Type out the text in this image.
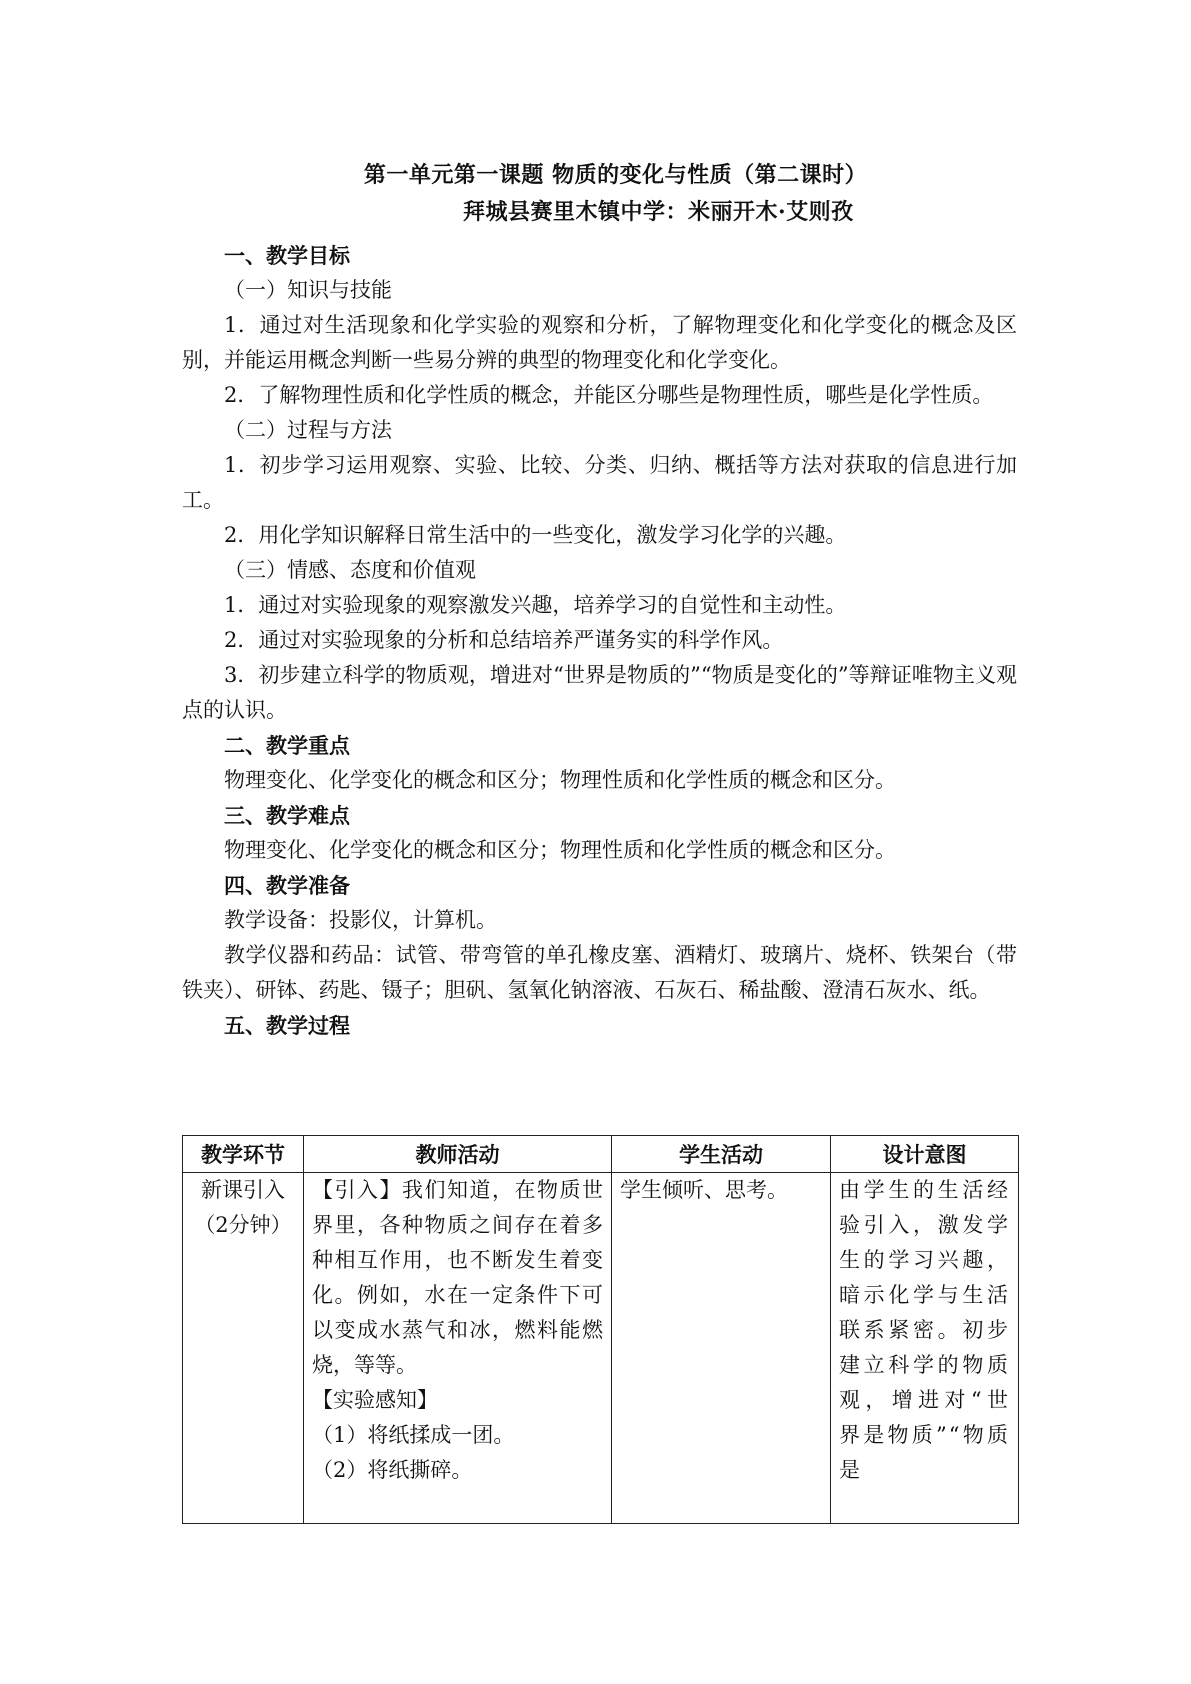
第一单元第一课题 物质的变化与性质（第二课时）
拜城县赛里木镇中学：米丽开木·艾则孜

一、教学目标

（一）知识与技能

1．通过对生活现象和化学实验的观察和分析，了解物理变化和化学变化的概念及区别，并能运用概念判断一些易分辨的典型的物理变化和化学变化。

2．了解物理性质和化学性质的概念，并能区分哪些是物理性质，哪些是化学性质。

（二）过程与方法

1．初步学习运用观察、实验、比较、分类、归纳、概括等方法对获取的信息进行加工。

2．用化学知识解释日常生活中的一些变化，激发学习化学的兴趣。

（三）情感、态度和价值观

1．通过对实验现象的观察激发兴趣，培养学习的自觉性和主动性。

2．通过对实验现象的分析和总结培养严谨务实的科学作风。

3．初步建立科学的物质观，增进对“世界是物质的”“物质是变化的”等辩证唯物主义观点的认识。

二、教学重点

物理变化、化学变化的概念和区分；物理性质和化学性质的概念和区分。

三、教学难点

物理变化、化学变化的概念和区分；物理性质和化学性质的概念和区分。

四、教学准备

教学设备：投影仪，计算机。

教学仪器和药品：试管、带弯管的单孔橡皮塞、酒精灯、玻璃片、烧杯、铁架台（带铁夹）、研钵、药匙、镊子；胆矾、氢氧化钠溶液、石灰石、稀盐酸、澄清石灰水、纸。

五、教学过程

教学环节	教师活动	学生活动	设计意图
新课引入（2分钟）	【引入】我们知道，在物质世界里，各种物质之间存在着多种相互作用，也不断发生着变化。例如，水在一定条件下可以变成水蒸气和冰，燃料能燃烧，等等。

【实验感知】

（1）将纸揉成一团。

（2）将纸撕碎。	学生倾听、思考。	由学生的生活经验引入，激发学生的学习兴趣，暗示化学与生活联系紧密。初步建立科学的物质观，增进对“世界是物质”“物质是
